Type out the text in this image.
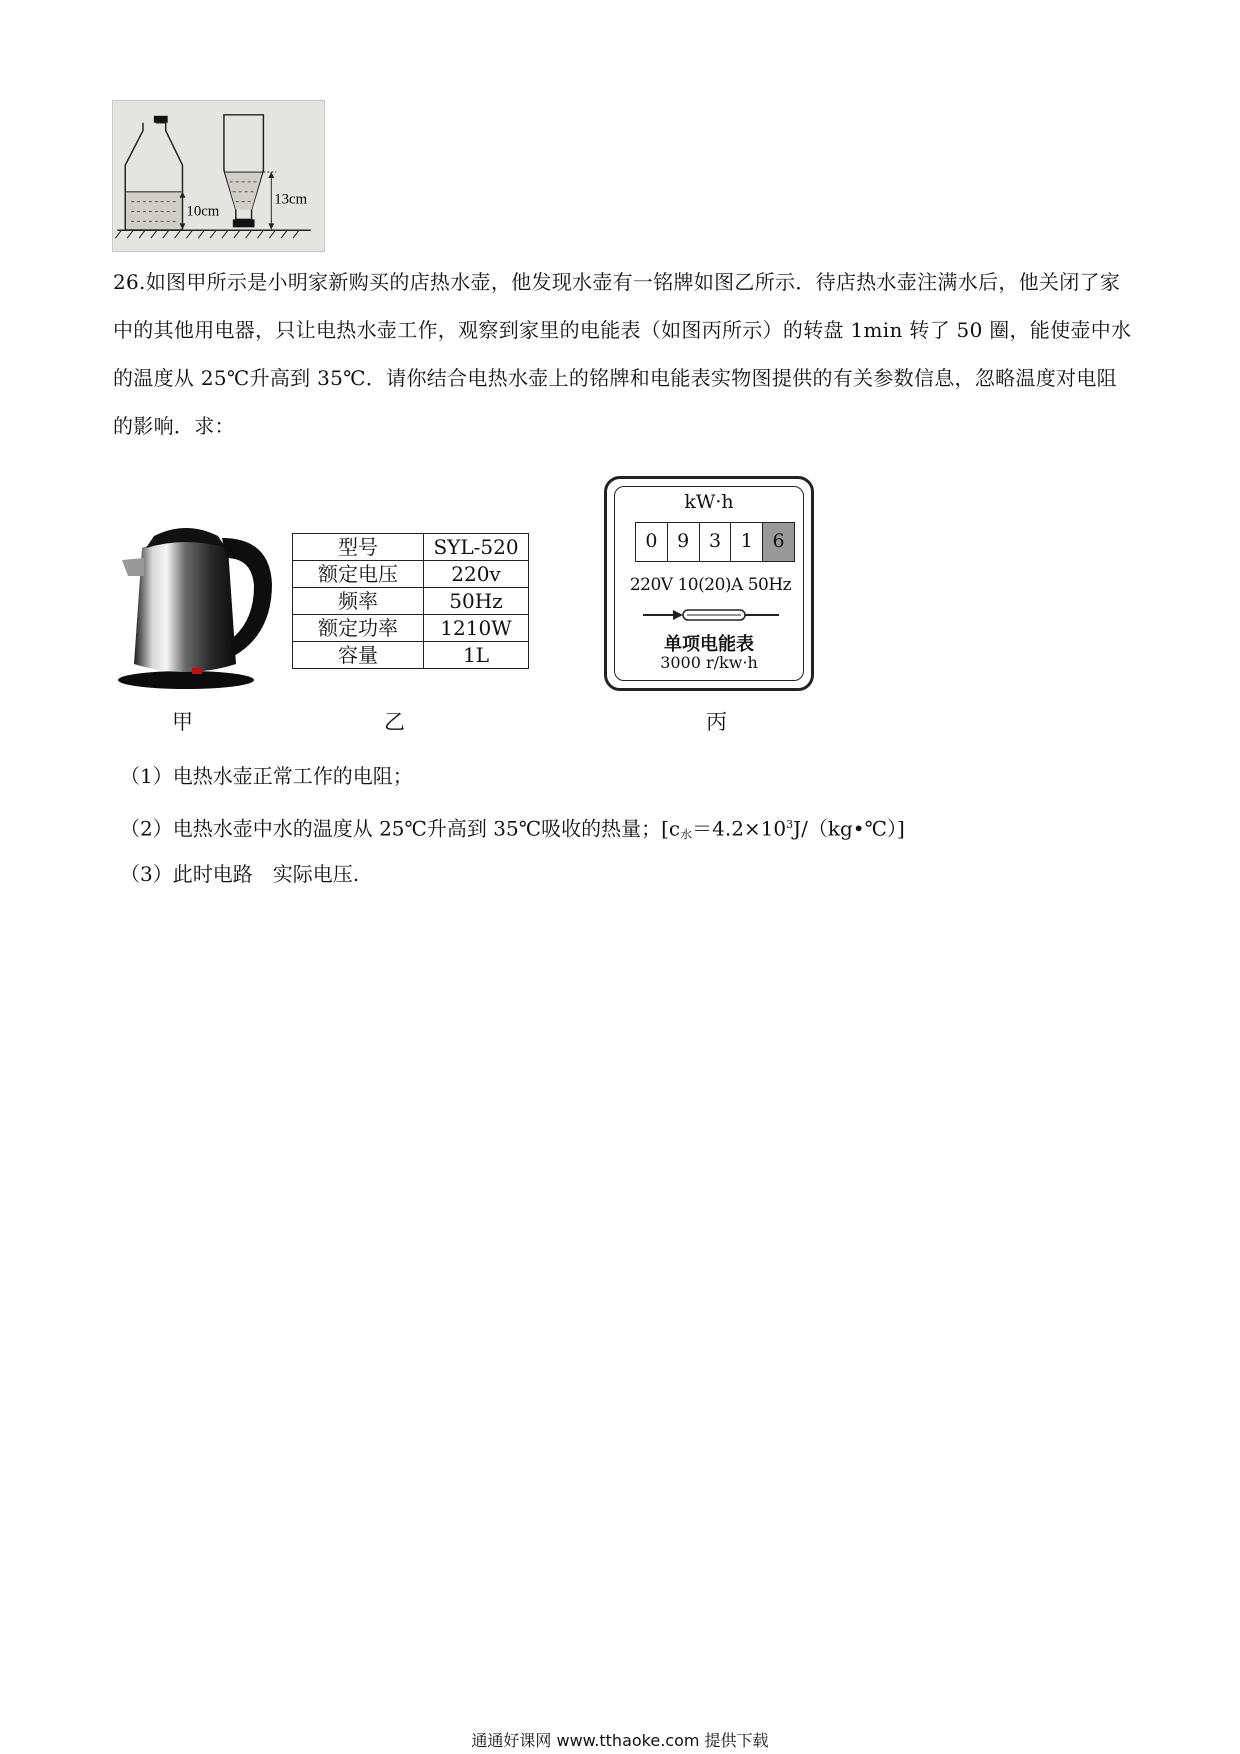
10cm
13cm
26.如图甲所示是小明家新购买的店热水壶，他发现水壶有一铭牌如图乙所示．待店热水壶注满水后，他关闭了家中的其他用电器，只让电热水壶工作，观察到家里的电能表（如图丙所示）的转盘 1min 转了 50 圈，能使壶中水的温度从 25℃升高到 35℃．请你结合电热水壶上的铭牌和电能表实物图提供的有关参数信息，忽略温度对电阻的影响．求：
型号	SYL-520
额定电压	220v
频率	50Hz
额定功率	1210W
容量	1L
kW·h
0	9	3	1	6
220V 10(20)A 50Hz
单项电能表
3000 r/kw·h
甲	乙	丙
（1）电热水壶正常工作的电阻；
（2）电热水壶中水的温度从 25℃升高到 35℃吸收的热量；$[c_水=4.2\times 10^3J/(kg•℃)]$
（3）此时电路　实际电压.
通通好课网 www.tthaoke.com 提供下载
